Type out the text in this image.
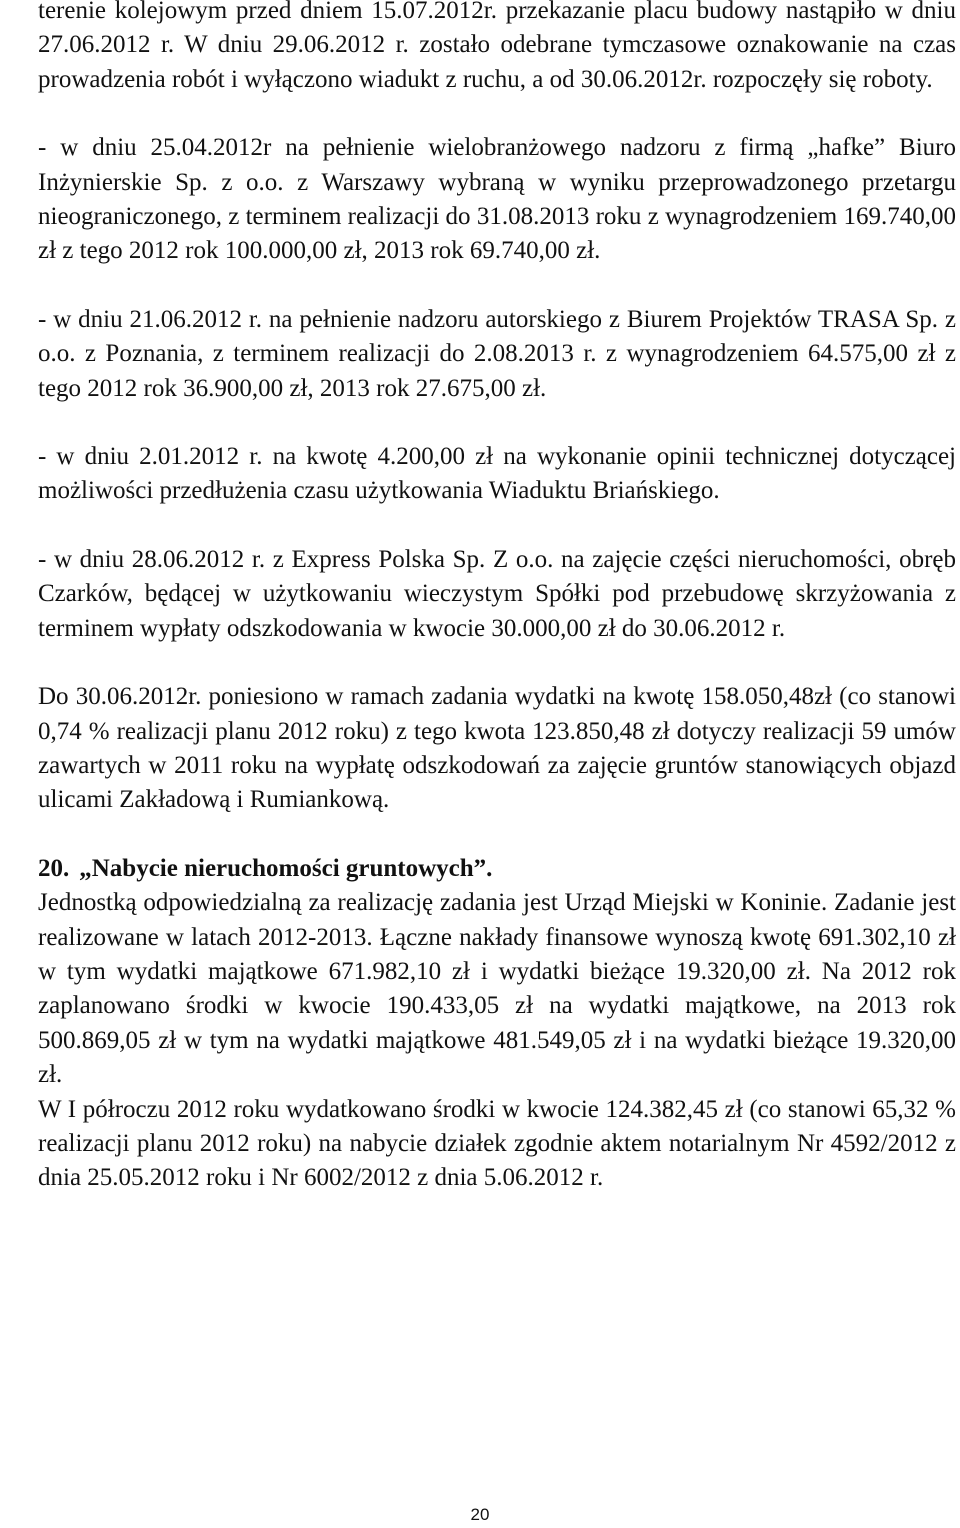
terenie kolejowym przed dniem 15.07.2012r. przekazanie placu budowy nastąpiło w dniu 27.06.2012 r. W dniu 29.06.2012 r. zostało odebrane tymczasowe oznakowanie na czas prowadzenia robót i wyłączono wiadukt z ruchu, a od 30.06.2012r. rozpoczęły się roboty.

- w dniu 25.04.2012r na pełnienie wielobranżowego nadzoru z firmą „hafke” Biuro Inżynierskie Sp. z o.o. z Warszawy wybraną w wyniku przeprowadzonego przetargu nieograniczonego, z terminem realizacji do 31.08.2013 roku z wynagrodzeniem 169.740,00 zł z tego 2012 rok 100.000,00 zł, 2013 rok 69.740,00 zł.

- w dniu 21.06.2012 r. na pełnienie nadzoru autorskiego z Biurem Projektów TRASA Sp. z o.o. z Poznania, z terminem realizacji do 2.08.2013 r. z wynagrodzeniem 64.575,00 zł z tego 2012 rok 36.900,00 zł, 2013 rok 27.675,00 zł.

- w dniu 2.01.2012 r. na kwotę 4.200,00 zł na wykonanie opinii technicznej dotyczącej możliwości przedłużenia czasu użytkowania Wiaduktu Briańskiego.

- w dniu 28.06.2012 r. z Express Polska Sp. Z o.o. na zajęcie części nieruchomości, obręb Czarków, będącej w użytkowaniu wieczystym Spółki pod przebudowę skrzyżowania z terminem wypłaty odszkodowania w kwocie 30.000,00 zł do 30.06.2012 r.

Do 30.06.2012r. poniesiono w ramach zadania wydatki na kwotę 158.050,48zł (co stanowi 0,74 % realizacji planu 2012 roku) z tego kwota 123.850,48 zł dotyczy realizacji 59 umów zawartych w 2011 roku na wypłatę odszkodowań za zajęcie gruntów stanowiących objazd ulicami Zakładową i Rumiankową.

20. „Nabycie nieruchomości gruntowych”.

Jednostką odpowiedzialną za realizację zadania jest Urząd Miejski w Koninie. Zadanie jest realizowane w latach 2012-2013. Łączne nakłady finansowe wynoszą kwotę 691.302,10 zł w tym wydatki majątkowe 671.982,10 zł i wydatki bieżące 19.320,00 zł. Na 2012 rok zaplanowano środki w kwocie 190.433,05 zł na wydatki majątkowe, na 2013 rok 500.869,05 zł w tym na wydatki majątkowe 481.549,05 zł i na wydatki bieżące 19.320,00 zł.

W I półroczu 2012 roku wydatkowano środki w kwocie 124.382,45 zł (co stanowi 65,32 % realizacji planu 2012 roku) na nabycie działek zgodnie aktem notarialnym Nr 4592/2012 z dnia 25.05.2012 roku i Nr 6002/2012 z dnia 5.06.2012 r.

20
